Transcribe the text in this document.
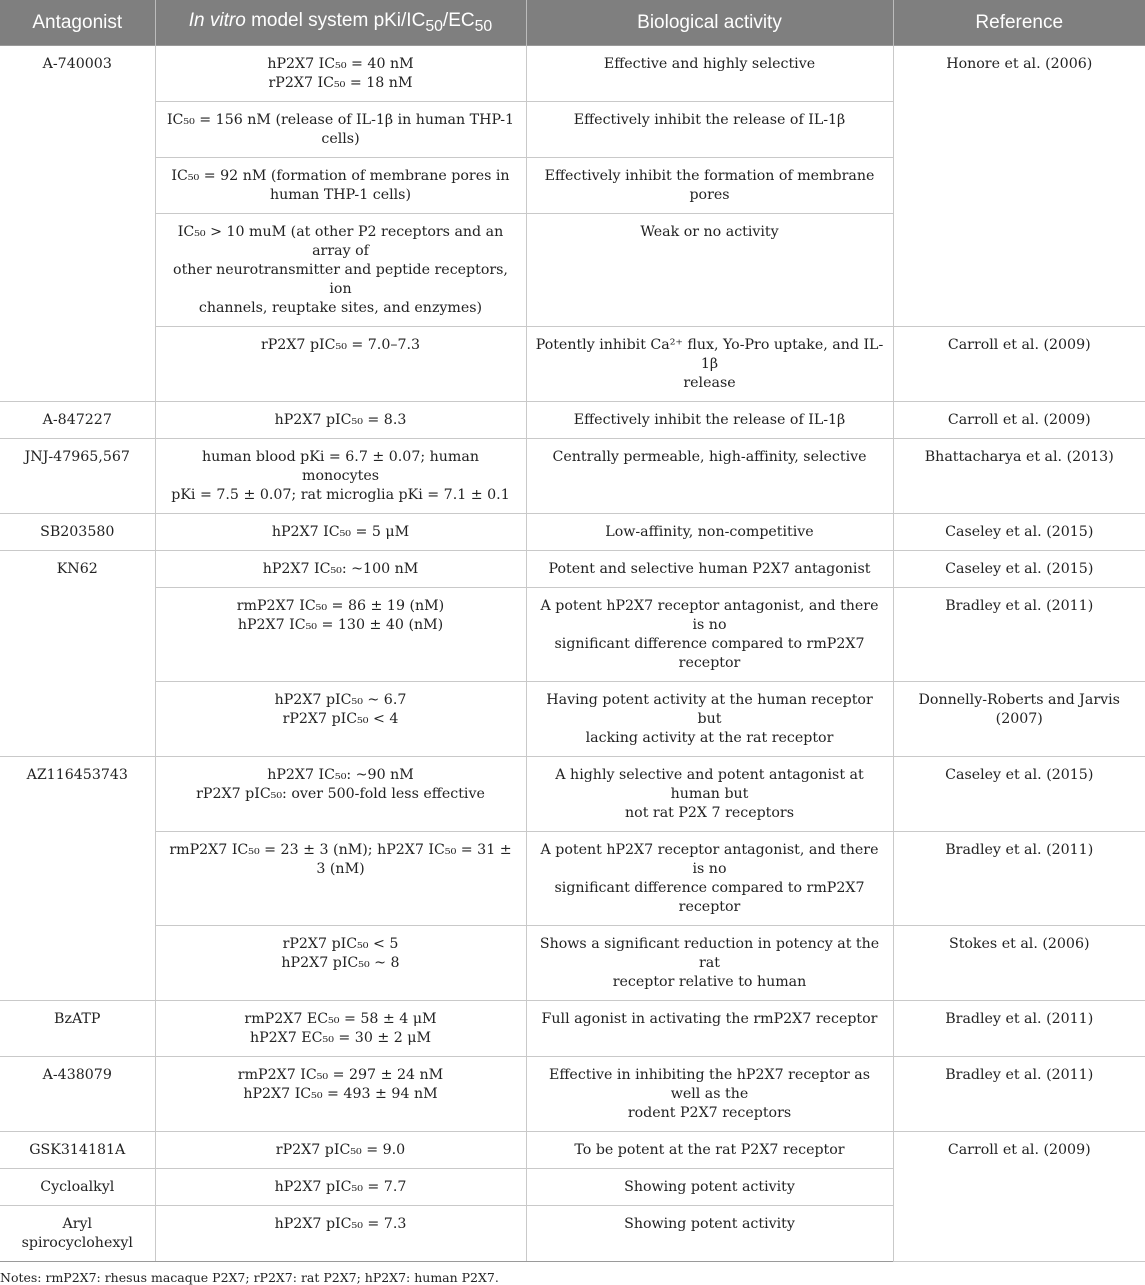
Antagonist	In vitro model system pKi/$IC_{50}/EC_{50}$	Biological activity	Reference
A-740003	hP2X7 IC₅₀ = 40 nM
rP2X7 IC₅₀ = 18 nM	Effective and highly selective	Honore et al. (2006)

	IC₅₀ = 156 nM (release of IL-1β in human THP-1 cells)	Effectively inhibit the release of IL-1β	

	IC₅₀ = 92 nM (formation of membrane pores in
human THP-1 cells)	Effectively inhibit the formation of membrane pores	

	IC₅₀ > 10 muM (at other P2 receptors and an array of
other neurotransmitter and peptide receptors, ion
channels, reuptake sites, and enzymes)	Weak or no activity	

	rP2X7 pIC₅₀ = 7.0–7.3	Potently inhibit Ca²⁺ flux, Yo-Pro uptake, and IL-1β
release	Carroll et al. (2009)
A-847227	hP2X7 pIC₅₀ = 8.3	Effectively inhibit the release of IL-1β	Carroll et al. (2009)
JNJ-47965,567	human blood pKi = 6.7 ± 0.07; human monocytes
pKi = 7.5 ± 0.07; rat microglia pKi = 7.1 ± 0.1	Centrally permeable, high-affinity, selective	Bhattacharya et al. (2013)
SB203580	hP2X7 IC₅₀ = 5 μM	Low-affinity, non-competitive	Caseley et al. (2015)
KN62	hP2X7 IC₅₀: ~100 nM	Potent and selective human P2X7 antagonist	Caseley et al. (2015)

	rmP2X7 IC₅₀ = 86 ± 19 (nM)
hP2X7 IC₅₀ = 130 ± 40 (nM)	A potent hP2X7 receptor antagonist, and there is no
significant difference compared to rmP2X7 receptor	Bradley et al. (2011)

	hP2X7 pIC₅₀ ~ 6.7
rP2X7 pIC₅₀ < 4	Having potent activity at the human receptor but
lacking activity at the rat receptor	Donnelly-Roberts and Jarvis (2007)
AZ116453743	hP2X7 IC₅₀: ~90 nM
rP2X7 pIC₅₀: over 500-fold less effective	A highly selective and potent antagonist at human but
not rat P2X 7 receptors	Caseley et al. (2015)

	rmP2X7 IC₅₀ = 23 ± 3 (nM); hP2X7 IC₅₀ = 31 ± 3 (nM)	A potent hP2X7 receptor antagonist, and there is no
significant difference compared to rmP2X7 receptor	Bradley et al. (2011)

	rP2X7 pIC₅₀ < 5
hP2X7 pIC₅₀ ~ 8	Shows a significant reduction in potency at the rat
receptor relative to human	Stokes et al. (2006)
BzATP	rmP2X7 EC₅₀ = 58 ± 4 μM
hP2X7 EC₅₀ = 30 ± 2 μM	Full agonist in activating the rmP2X7 receptor	Bradley et al. (2011)
A-438079	rmP2X7 IC₅₀ = 297 ± 24 nM
hP2X7 IC₅₀ = 493 ± 94 nM	Effective in inhibiting the hP2X7 receptor as well as the
rodent P2X7 receptors	Bradley et al. (2011)
GSK314181A	rP2X7 pIC₅₀ = 9.0	To be potent at the rat P2X7 receptor	Carroll et al. (2009)
Cycloalkyl	hP2X7 pIC₅₀ = 7.7	Showing potent activity	

Aryl spirocyclohexyl	hP2X7 pIC₅₀ = 7.3	Showing potent activity	
Notes: rmP2X7: rhesus macaque P2X7; rP2X7: rat P2X7; hP2X7: human P2X7.
